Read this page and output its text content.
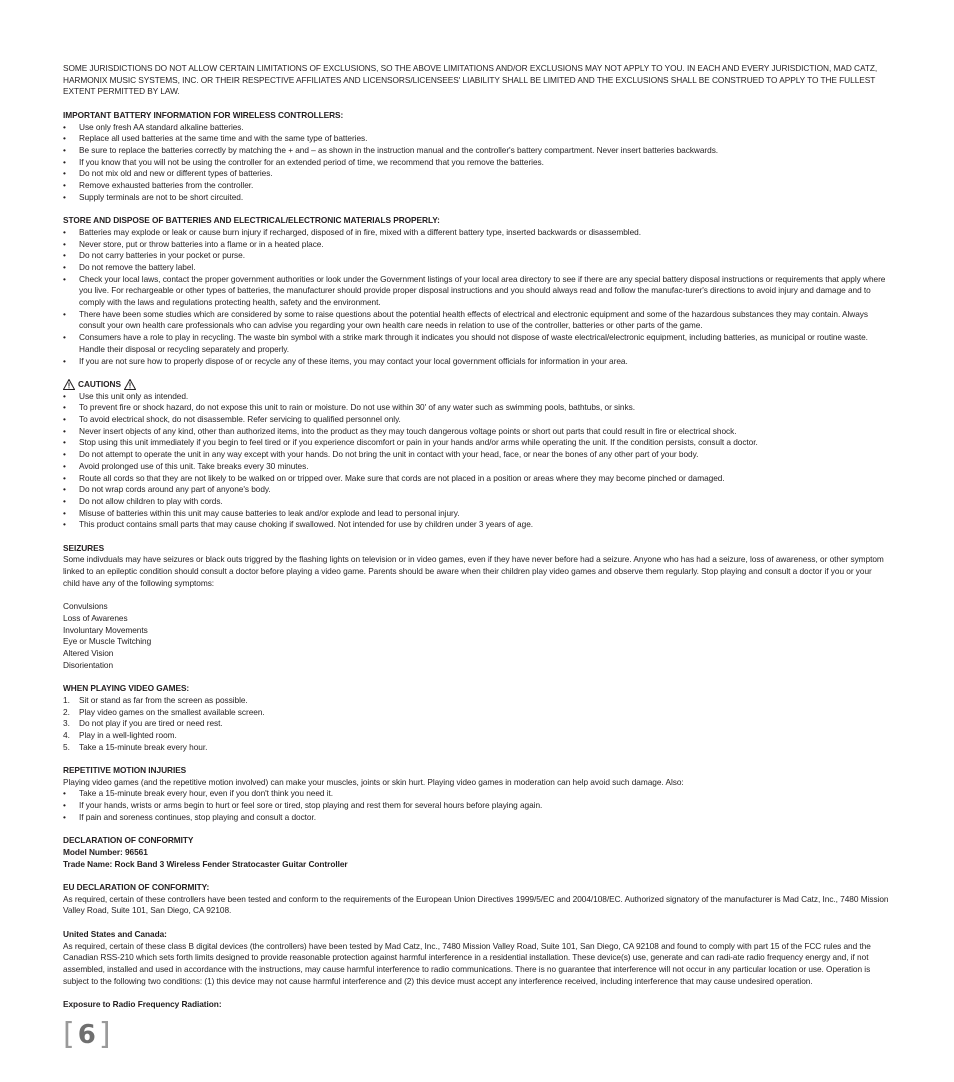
SOME JURISDICTIONS DO NOT ALLOW CERTAIN LIMITATIONS OF EXCLUSIONS, SO THE ABOVE LIMITATIONS AND/OR EXCLUSIONS MAY NOT APPLY TO YOU. IN EACH AND EVERY JURISDICTION, MAD CATZ, HARMONIX MUSIC SYSTEMS, INC. OR THEIR RESPECTIVE AFFILIATES AND LICENSORS/LICENSEES' LIABILITY SHALL BE LIMITED AND THE EXCLUSIONS SHALL BE CONSTRUED TO APPLY TO THE FULLEST EXTENT PERMITTED BY LAW.

IMPORTANT BATTERY INFORMATION FOR WIRELESS CONTROLLERS:

• Use only fresh AA standard alkaline batteries.
• Replace all used batteries at the same time and with the same type of batteries.
• Be sure to replace the batteries correctly by matching the + and – as shown in the instruction manual and the controller's battery compartment. Never insert batteries backwards.
• If you know that you will not be using the controller for an extended period of time, we recommend that you remove the batteries.
• Do not mix old and new or different types of batteries.
• Remove exhausted batteries from the controller.
• Supply terminals are not to be short circuited.

STORE AND DISPOSE OF BATTERIES AND ELECTRICAL/ELECTRONIC MATERIALS PROPERLY:

• Batteries may explode or leak or cause burn injury if recharged, disposed of in fire, mixed with a different battery type, inserted backwards or disassembled.
• Never store, put or throw batteries into a flame or in a heated place.
• Do not carry batteries in your pocket or purse.
• Do not remove the battery label.
• Check your local laws, contact the proper government authorities or look under the Government listings of your local area directory to see if there are any special battery disposal instructions or requirements that apply where you live. For rechargeable or other types of batteries, the manufacturer should provide proper disposal instructions and you should always read and follow the manufac-turer's directions to avoid injury and damage and to comply with the laws and regulations protecting health, safety and the environment.
• There have been some studies which are considered by some to raise questions about the potential health effects of electrical and electronic equipment and some of the hazardous substances they may contain. Always consult your own health care professionals who can advise you regarding your own health care needs in relation to use of the controller, batteries or other parts of the game.
• Consumers have a role to play in recycling. The waste bin symbol with a strike mark through it indicates you should not dispose of waste electrical/electronic equipment, including batteries, as municipal or routine waste. Handle their disposal or recycling separately and properly.
• If you are not sure how to properly dispose of or recycle any of these items, you may contact your local government officials for information in your area.
CAUTIONS
• Use this unit only as intended.
• To prevent fire or shock hazard, do not expose this unit to rain or moisture. Do not use within 30' of any water such as swimming pools, bathtubs, or sinks.
• To avoid electrical shock, do not disassemble. Refer servicing to qualified personnel only.
• Never insert objects of any kind, other than authorized items, into the product as they may touch dangerous voltage points or short out parts that could result in fire or electrical shock.
• Stop using this unit immediately if you begin to feel tired or if you experience discomfort or pain in your hands and/or arms while operating the unit. If the condition persists, consult a doctor.
• Do not attempt to operate the unit in any way except with your hands. Do not bring the unit in contact with your head, face, or near the bones of any other part of your body.
• Avoid prolonged use of this unit. Take breaks every 30 minutes.
• Route all cords so that they are not likely to be walked on or tripped over. Make sure that cords are not placed in a position or areas where they may become pinched or damaged.
• Do not wrap cords around any part of anyone's body.
• Do not allow children to play with cords.
• Misuse of batteries within this unit may cause batteries to leak and/or explode and lead to personal injury.
• This product contains small parts that may cause choking if swallowed. Not intended for use by children under 3 years of age.

SEIZURES

Some indivduals may have seizures or black outs triggred by the flashing lights on television or in video games, even if they have never before had a seizure. Anyone who has had a seizure, loss of awareness, or other symptom linked to an epileptic condition should consult a doctor before playing a video game. Parents should be aware when their children play video games and observe them regularly. Stop playing and consult a doctor if you or your child have any of the following symptoms:

Convulsions
Loss of Awarenes
Involuntary Movements
Eye or Muscle Twitching
Altered Vision
Disorientation

WHEN PLAYING VIDEO GAMES:

1. Sit or stand as far from the screen as possible.
2. Play video games on the smallest available screen.
3. Do not play if you are tired or need rest.
4. Play in a well-lighted room.
5. Take a 15-minute break every hour.

REPETITIVE MOTION INJURIES

Playing video games (and the repetitive motion involved) can make your muscles, joints or skin hurt. Playing video games in moderation can help avoid such damage. Also:

• Take a 15-minute break every hour, even if you don't think you need it.
• If your hands, wrists or arms begin to hurt or feel sore or tired, stop playing and rest them for several hours before playing again.
• If pain and soreness continues, stop playing and consult a doctor.

DECLARATION OF CONFORMITY

Model Number: 96561

Trade Name: Rock Band 3 Wireless Fender Stratocaster Guitar Controller

EU DECLARATION OF CONFORMITY:

As required, certain of these controllers have been tested and conform to the requirements of the European Union Directives 1999/5/EC and 2004/108/EC. Authorized signatory of the manufacturer is Mad Catz, Inc., 7480 Mission Valley Road, Suite 101, San Diego, CA 92108.

United States and Canada:

As required, certain of these class B digital devices (the controllers) have been tested by Mad Catz, Inc., 7480 Mission Valley Road, Suite 101, San Diego, CA 92108 and found to comply with part 15 of the FCC rules and the Canadian RSS-210 which sets forth limits designed to provide reasonable protection against harmful interference in a residential installation. These device(s) use, generate and can radi-ate radio frequency energy and, if not assembled, installed and used in accordance with the instructions, may cause harmful interference to radio communications. There is no guarantee that interference will not occur in any particular location or use. Operation is subject to the following two conditions: (1) this device may not cause harmful interference and (2) this device must accept any interference received, including interference that may cause undesired operation.

Exposure to Radio Frequency Radiation:

[ 6 ]
